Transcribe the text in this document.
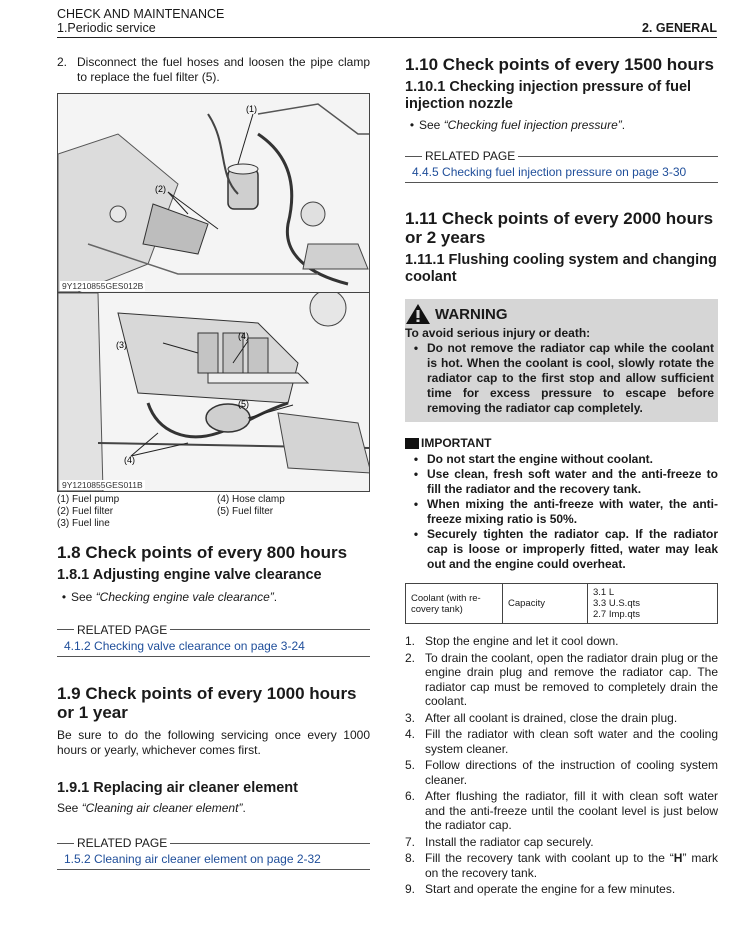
CHECK AND MAINTENANCE
1.Periodic service	2. GENERAL
2. Disconnect the fuel hoses and loosen the pipe clamp to replace the fuel filter (5).
(1)
(2)
9Y1210855GES012B
(4)
(3)
(5)
(4)
9Y1210855GES011B
(1) Fuel pump	(4) Hose clamp
(2) Fuel filter	(5) Fuel filter
(3) Fuel line
1.8 Check points of every 800 hours
1.8.1 Adjusting engine valve clearance
• See “Checking engine vale clearance”.
RELATED PAGE
4.1.2 Checking valve clearance on page 3-24
1.9 Check points of every 1000 hours or 1 year
Be sure to do the following servicing once every 1000 hours or yearly, whichever comes first.
1.9.1 Replacing air cleaner element
See “Cleaning air cleaner element”.
RELATED PAGE
1.5.2 Cleaning air cleaner element on page 2-32
1.10 Check points of every 1500 hours
1.10.1 Checking injection pressure of fuel injection nozzle
• See “Checking fuel injection pressure”.
RELATED PAGE
4.4.5 Checking fuel injection pressure on page 3-30
1.11 Check points of every 2000 hours or 2 years
1.11.1 Flushing cooling system and changing coolant
WARNING
To avoid serious injury or death:
• Do not remove the radiator cap while the coolant is hot. When the coolant is cool, slowly rotate the radiator cap to the first stop and allow sufficient time for excess pressure to escape before removing the radiator cap completely.
IMPORTANT
• Do not start the engine without coolant.
• Use clean, fresh soft water and the anti-freeze to fill the radiator and the recovery tank.
• When mixing the anti-freeze with water, the anti-freeze mixing ratio is 50%.
• Securely tighten the radiator cap. If the radiator cap is loose or improperly fitted, water may leak out and the engine could overheat.
Coolant (with re-covery tank)	Capacity	
3.1 L
3.3 U.S.qts
2.7 Imp.qts
1. Stop the engine and let it cool down.
2. To drain the coolant, open the radiator drain plug or the engine drain plug and remove the radiator cap. The radiator cap must be removed to completely drain the coolant.
3. After all coolant is drained, close the drain plug.
4. Fill the radiator with clean soft water and the cooling system cleaner.
5. Follow directions of the instruction of cooling system cleaner.
6. After flushing the radiator, fill it with clean soft water and the anti-freeze until the coolant level is just below the radiator cap.
7. Install the radiator cap securely.
8. Fill the recovery tank with coolant up to the “H” mark on the recovery tank.
9. Start and operate the engine for a few minutes.
